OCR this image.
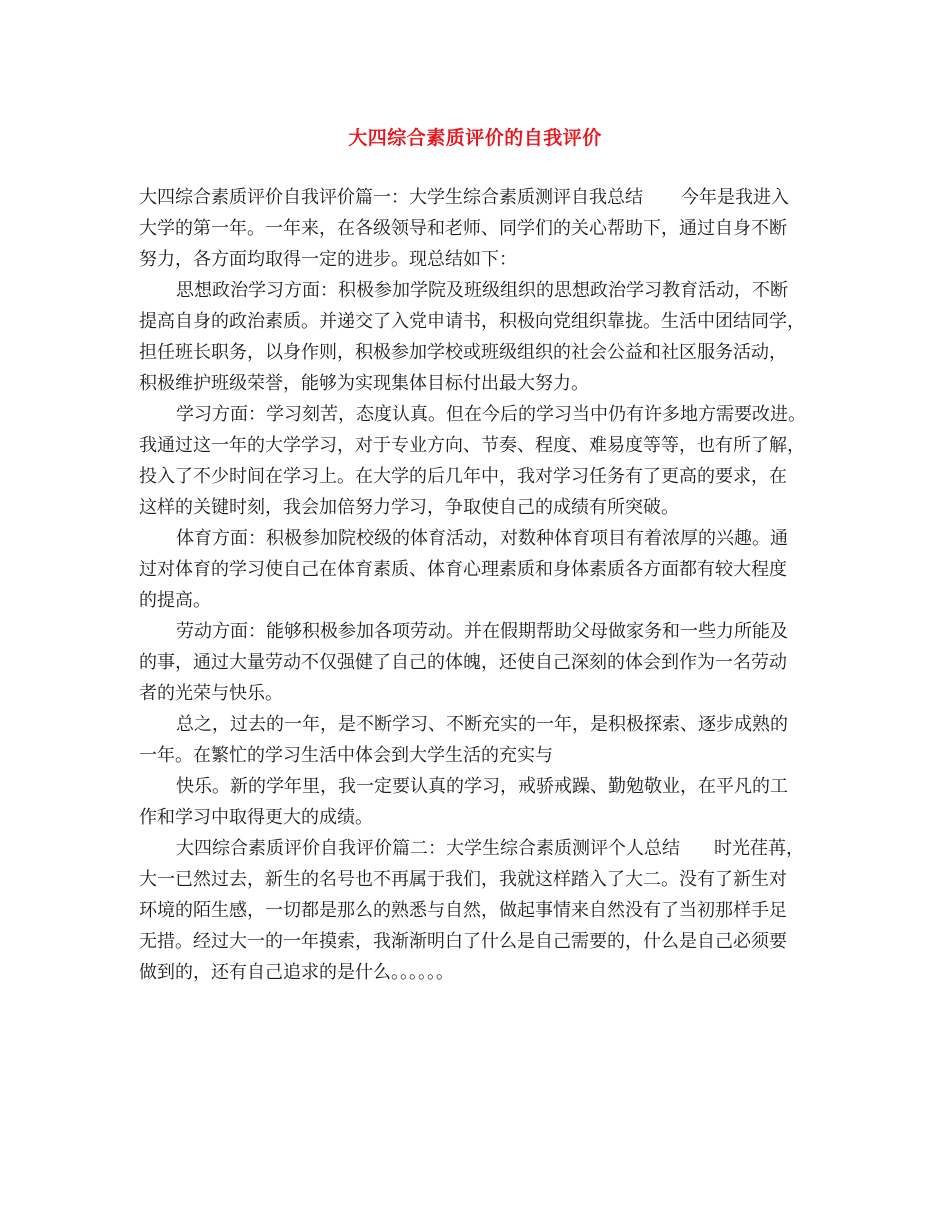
大四综合素质评价的自我评价
大四综合素质评价自我评价篇一：大学生综合素质测评自我总结 今年是我进入
大学的第一年。一年来，在各级领导和老师、同学们的关心帮助下，通过自身不断
努力，各方面均取得一定的进步。现总结如下：
思想政治学习方面：积极参加学院及班级组织的思想政治学习教育活动，不断
提高自身的政治素质。并递交了入党申请书，积极向党组织靠拢。生活中团结同学，
担任班长职务，以身作则，积极参加学校或班级组织的社会公益和社区服务活动，
积极维护班级荣誉，能够为实现集体目标付出最大努力。
学习方面：学习刻苦，态度认真。但在今后的学习当中仍有许多地方需要改进。
我通过这一年的大学学习，对于专业方向、节奏、程度、难易度等等，也有所了解，
投入了不少时间在学习上。在大学的后几年中，我对学习任务有了更高的要求，在
这样的关键时刻，我会加倍努力学习，争取使自己的成绩有所突破。
体育方面：积极参加院校级的体育活动，对数种体育项目有着浓厚的兴趣。通
过对体育的学习使自己在体育素质、体育心理素质和身体素质各方面都有较大程度
的提高。
劳动方面：能够积极参加各项劳动。并在假期帮助父母做家务和一些力所能及
的事，通过大量劳动不仅强健了自己的体魄，还使自己深刻的体会到作为一名劳动
者的光荣与快乐。
总之，过去的一年，是不断学习、不断充实的一年，是积极探索、逐步成熟的
一年。在繁忙的学习生活中体会到大学生活的充实与
快乐。新的学年里，我一定要认真的学习，戒骄戒躁、勤勉敬业，在平凡的工
作和学习中取得更大的成绩。
大四综合素质评价自我评价篇二：大学生综合素质测评个人总结 时光荏苒，
大一已然过去，新生的名号也不再属于我们，我就这样踏入了大二。没有了新生对
环境的陌生感，一切都是那么的熟悉与自然，做起事情来自然没有了当初那样手足
无措。经过大一的一年摸索，我渐渐明白了什么是自己需要的，什么是自己必须要
做到的，还有自己追求的是什么。。。。。。
